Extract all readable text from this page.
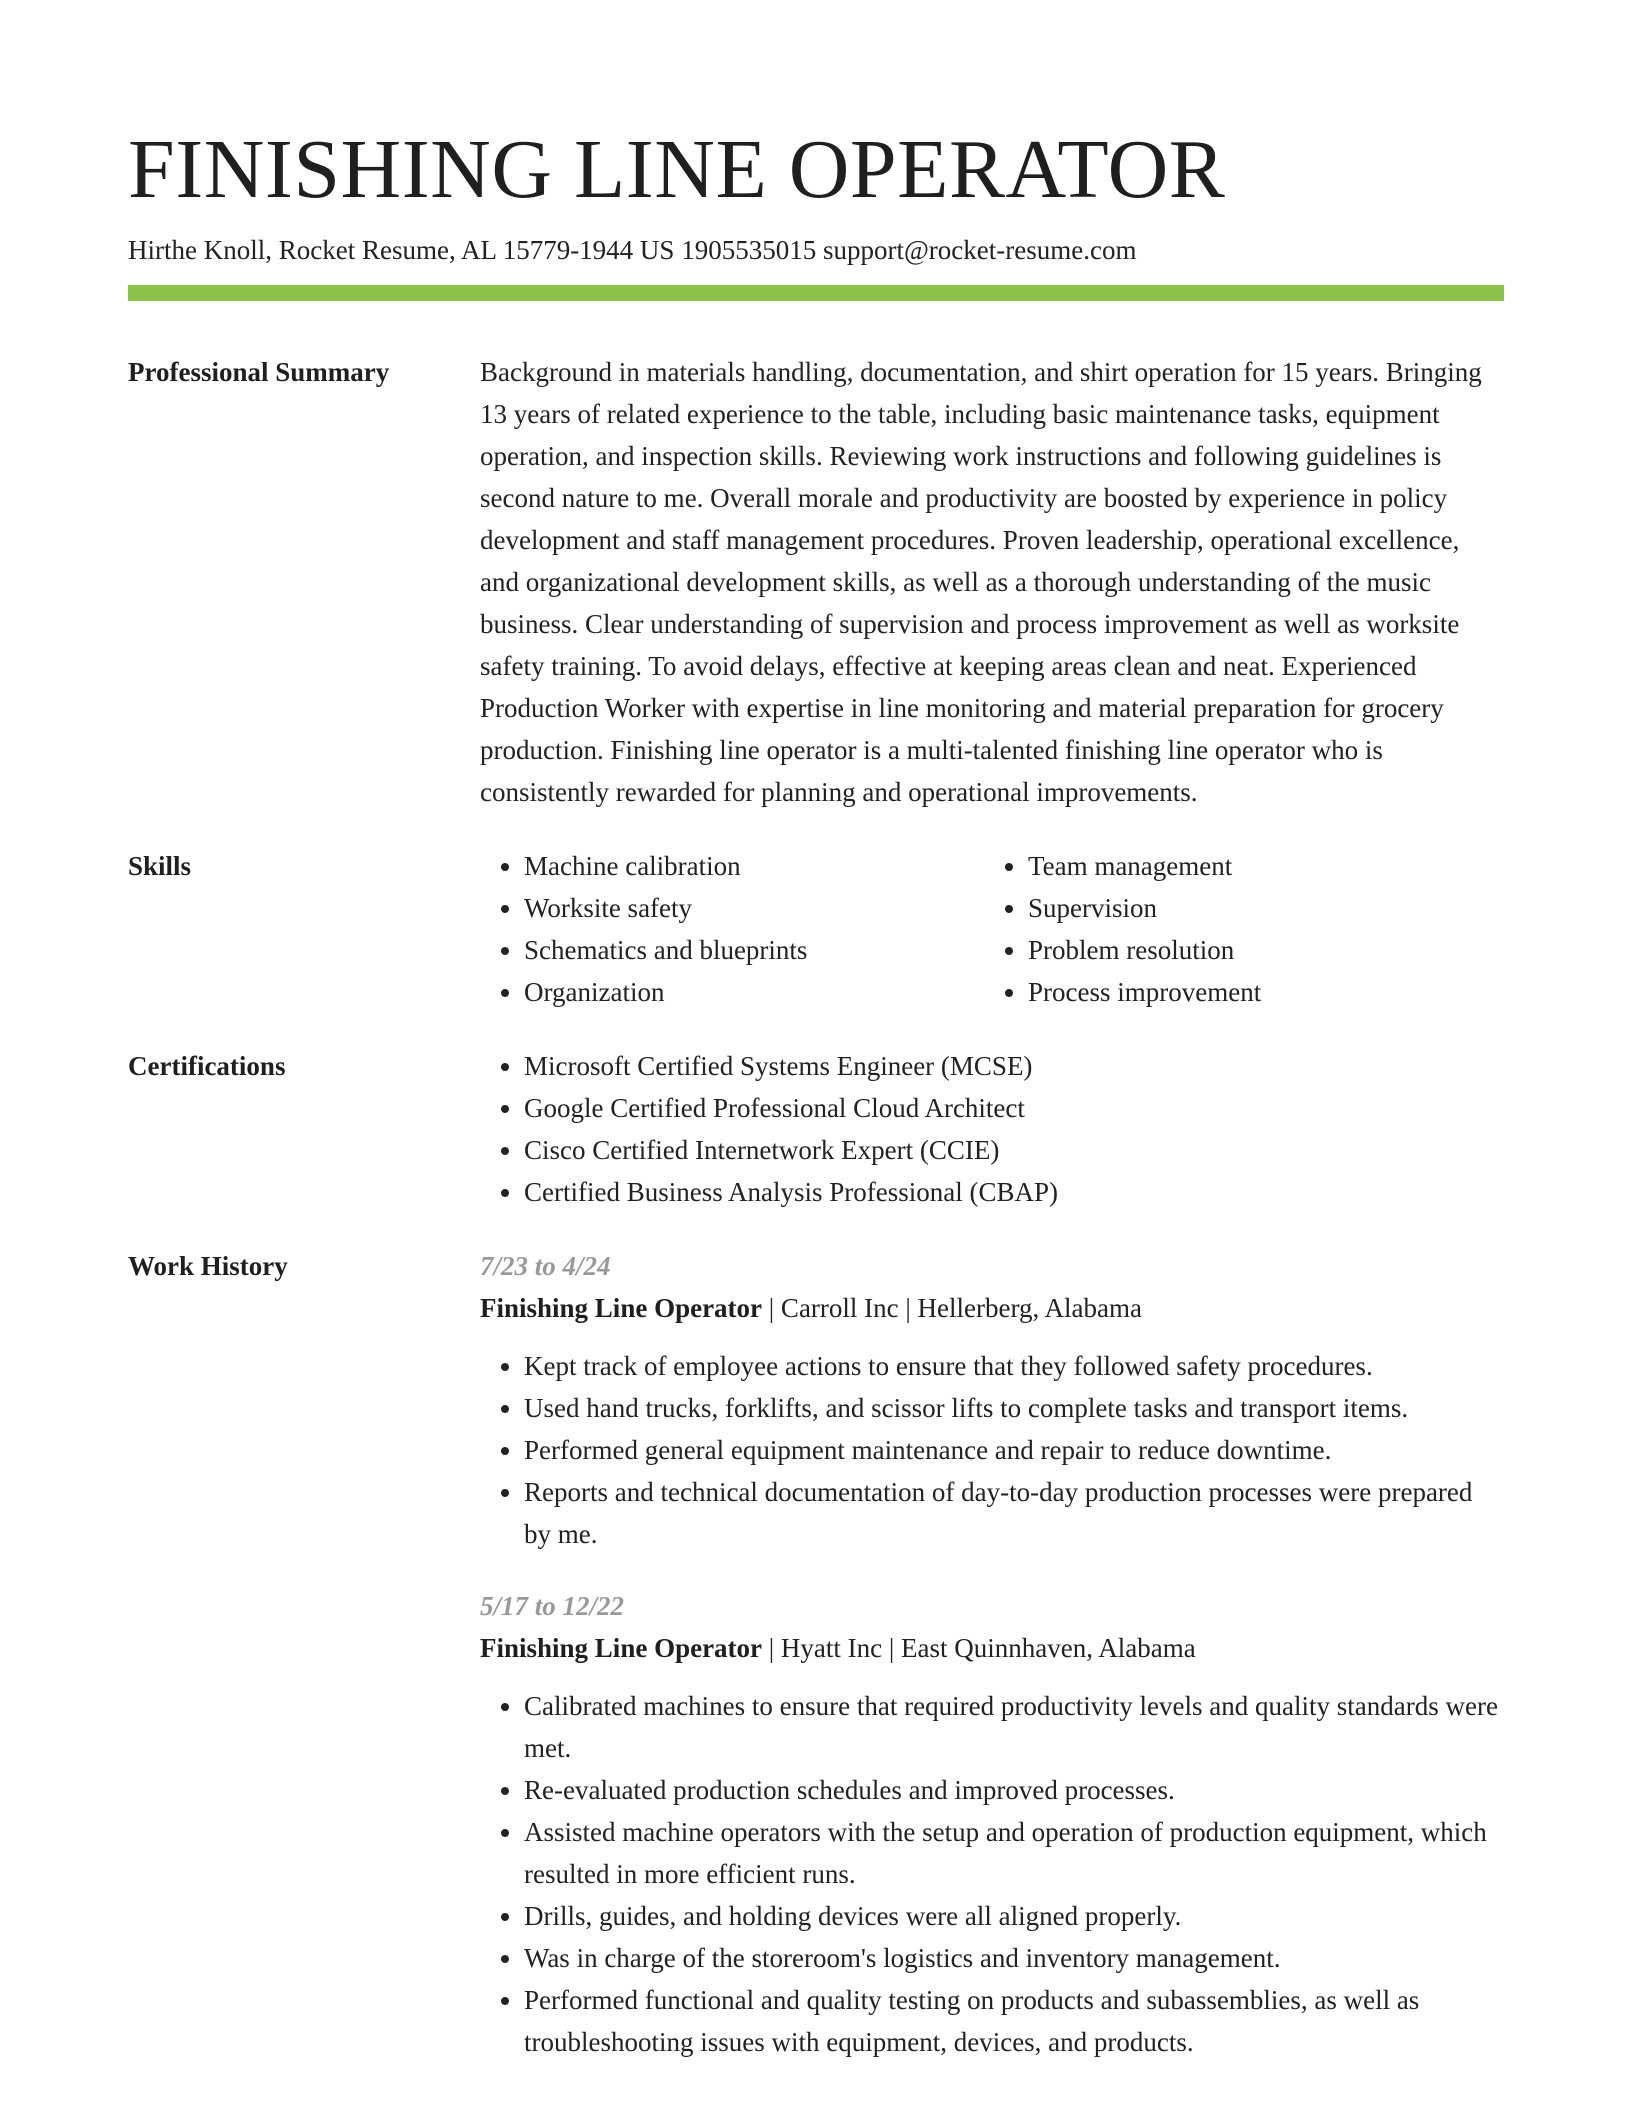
FINISHING LINE OPERATOR
Hirthe Knoll, Rocket Resume, AL 15779-1944 US 1905535015 support@rocket-resume.com
Professional Summary	Background in materials handling, documentation, and shirt operation for 15 years. Bringing 13 years of related experience to the table, including basic maintenance tasks, equipment operation, and inspection skills. Reviewing work instructions and following guidelines is second nature to me. Overall morale and productivity are boosted by experience in policy development and staff management procedures. Proven leadership, operational excellence, and organizational development skills, as well as a thorough understanding of the music business. Clear understanding of supervision and process improvement as well as worksite safety training. To avoid delays, effective at keeping areas clean and neat. Experienced Production Worker with expertise in line monitoring and material preparation for grocery production. Finishing line operator is a multi-talented finishing line operator who is consistently rewarded for planning and operational improvements.
Skills	• Machine calibration
• Worksite safety
• Schematics and blueprints
• Organization
• Team management
• Supervision
• Problem resolution
• Process improvement
Certifications	• Microsoft Certified Systems Engineer (MCSE)
• Google Certified Professional Cloud Architect
• Cisco Certified Internetwork Expert (CCIE)
• Certified Business Analysis Professional (CBAP)
Work History	7/23 to 4/24
Finishing Line Operator | Carroll Inc | Hellerberg, Alabama
• Kept track of employee actions to ensure that they followed safety procedures.
• Used hand trucks, forklifts, and scissor lifts to complete tasks and transport items.
• Performed general equipment maintenance and repair to reduce downtime.
• Reports and technical documentation of day-to-day production processes were prepared by me.
5/17 to 12/22
Finishing Line Operator | Hyatt Inc | East Quinnhaven, Alabama
• Calibrated machines to ensure that required productivity levels and quality standards were met.
• Re-evaluated production schedules and improved processes.
• Assisted machine operators with the setup and operation of production equipment, which resulted in more efficient runs.
• Drills, guides, and holding devices were all aligned properly.
• Was in charge of the storeroom's logistics and inventory management.
• Performed functional and quality testing on products and subassemblies, as well as troubleshooting issues with equipment, devices, and products.
